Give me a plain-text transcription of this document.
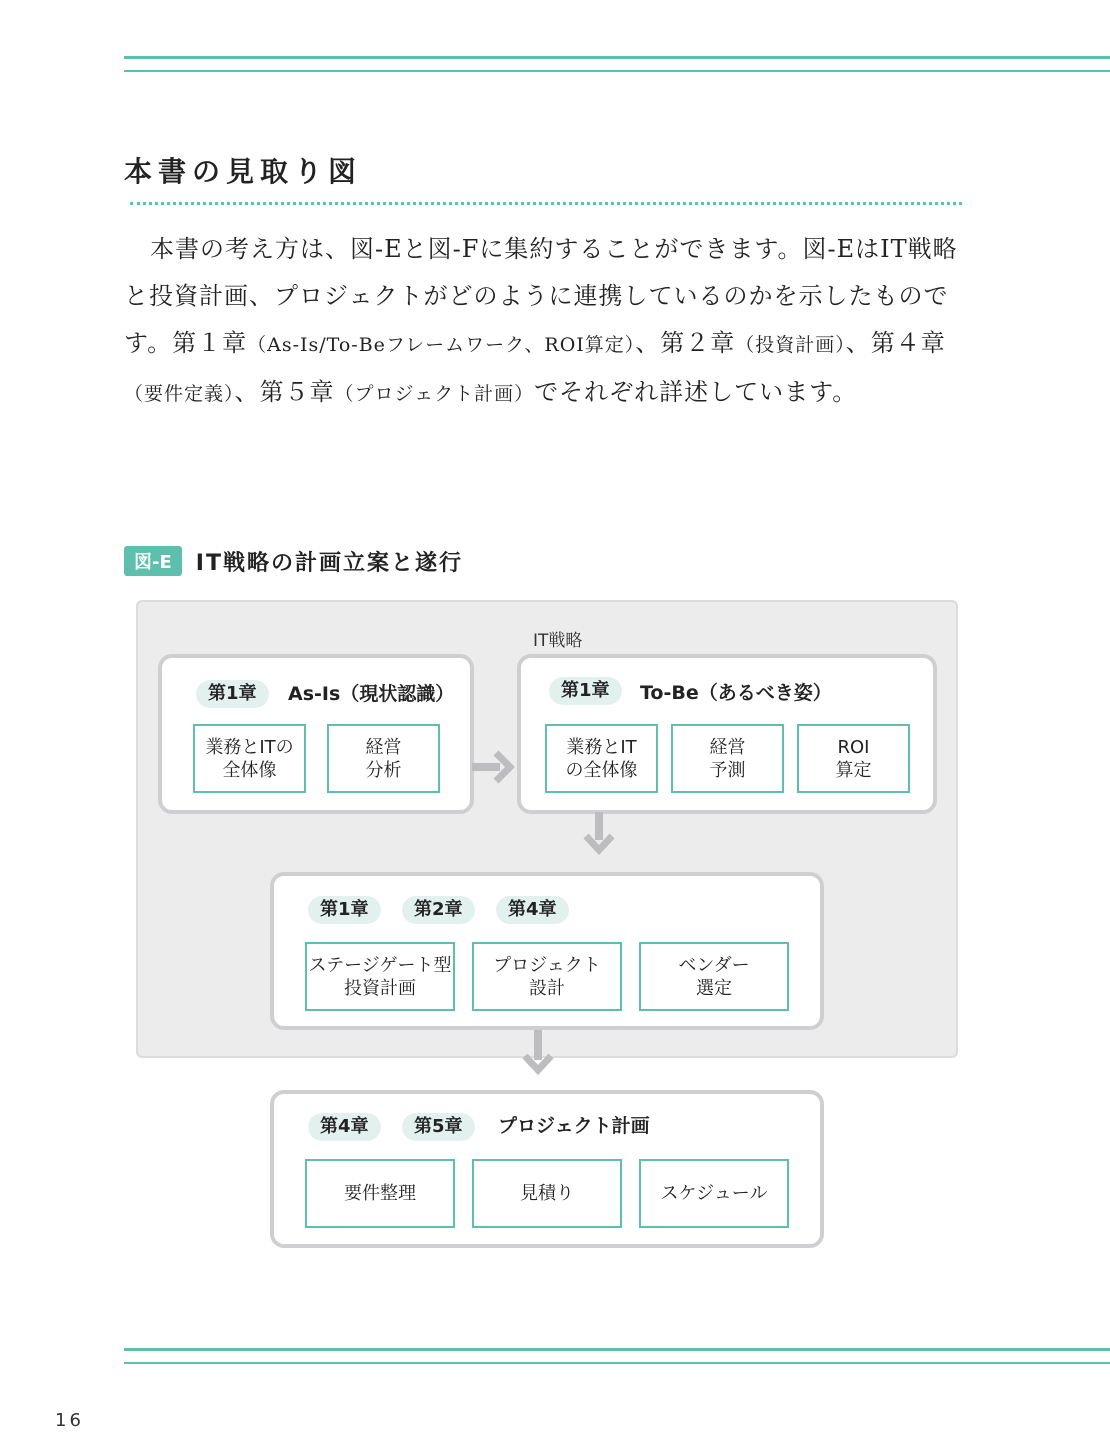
本書の見取り図

本書の考え方は、図-Eと図-Fに集約することができます。図-EはIT戦略と投資計画、プロジェクトがどのように連携しているのかを示したものです。第１章（As-Is/To-Beフレームワーク、ROI算定）、第２章（投資計画）、第４章（要件定義）、第５章（プロジェクト計画）でそれぞれ詳述しています。

図-E	IT戦略の計画立案と遂行
IT戦略
第1章	As-Is（現状認識）
業務とITの
全体像
経営
分析
第1章	To-Be（あるべき姿）
業務とIT
の全体像
経営
予測
ROI
算定
第1章	第2章	第4章
ステージゲート型
投資計画
プロジェクト
設計
ベンダー
選定
第4章	第5章	プロジェクト計画
要件整理	見積り	スケジュール
16
